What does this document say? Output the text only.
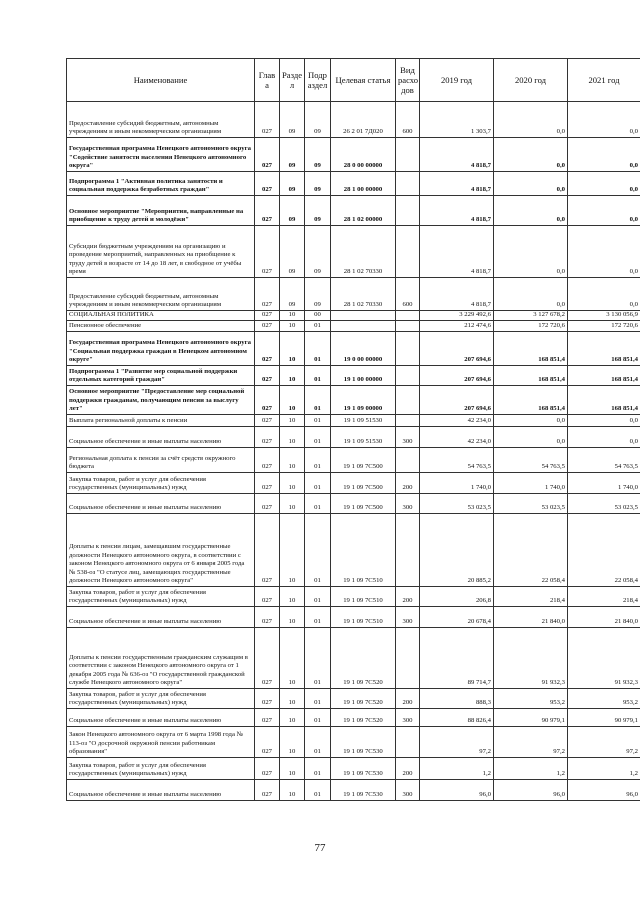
Наименование	Глав а	Разде л	Подр аздел	Целевая статья	Вид расхо дов	2019 год	2020 год	2021 год
Предоставление субсидий бюджетным, автономным учреждениям и иным некоммерческим организациям	027	09	09	26 2 01 7Д020	600	1 303,7	0,0	0,0
Государственная программа Ненецкого автономного округа "Содействие занятости населения Ненецкого автономного округа"	027	09	09	28 0 00 00000		4 818,7	0,0	0,0
Подпрограмма 1 "Активная политика занятости и социальная поддержка безработных граждан"	027	09	09	28 1 00 00000		4 818,7	0,0	0,0
Основное мероприятие "Мероприятия, направленные на приобщение к труду детей и молодёжи"	027	09	09	28 1 02 00000		4 818,7	0,0	0,0
Субсидии бюджетным учреждениям на организацию и проведение мероприятий, направленных на приобщение к труду детей в возрасте от 14 до 18 лет, в свободное от учёбы время	027	09	09	28 1 02 70330		4 818,7	0,0	0,0
Предоставление субсидий бюджетным, автономным учреждениям и иным некоммерческим организациям	027	09	09	28 1 02 70330	600	4 818,7	0,0	0,0
СОЦИАЛЬНАЯ ПОЛИТИКА	027	10	00			3 229 492,6	3 127 678,2	3 130 056,9
Пенсионное обеспечение	027	10	01			212 474,6	172 720,6	172 720,6
Государственная программа Ненецкого автономного округа "Социальная поддержка граждан в Ненецком автономном округе"	027	10	01	19 0 00 00000		207 694,6	168 851,4	168 851,4
Подпрограмма 1 "Развитие мер социальной поддержки отдельных категорий граждан"	027	10	01	19 1 00 00000		207 694,6	168 851,4	168 851,4
Основное мероприятие "Предоставление мер социальной поддержки гражданам, получающим пенсии за выслугу лет"	027	10	01	19 1 09 00000		207 694,6	168 851,4	168 851,4
Выплата региональной доплаты к пенсии	027	10	01	19 1 09 51530		42 234,0	0,0	0,0
Социальное обеспечение и иные выплаты населению	027	10	01	19 1 09 51530	300	42 234,0	0,0	0,0
Региональная доплата к пенсии за счёт средств окружного бюджета	027	10	01	19 1 09 7С500		54 763,5	54 763,5	54 763,5
Закупка товаров, работ и услуг для обеспечения государственных (муниципальных) нужд	027	10	01	19 1 09 7С500	200	1 740,0	1 740,0	1 740,0
Социальное обеспечение и иные выплаты населению	027	10	01	19 1 09 7С500	300	53 023,5	53 023,5	53 023,5
Доплаты к пенсии лицам, замещавшим государственные должности Ненецкого автономного округа, в соответствии с законом Ненецкого автономного округа от 6 января 2005 года № 538-оз "О статусе лиц, замещающих государственные должности Ненецкого автономного округа"	027	10	01	19 1 09 7С510		20 885,2	22 058,4	22 058,4
Закупка товаров, работ и услуг для обеспечения государственных (муниципальных) нужд	027	10	01	19 1 09 7С510	200	206,8	218,4	218,4
Социальное обеспечение и иные выплаты населению	027	10	01	19 1 09 7С510	300	20 678,4	21 840,0	21 840,0
Доплаты к пенсии государственным гражданским служащим в соответствии с законом Ненецкого автономного округа от 1 декабря 2005 года № 636-оз "О государственной гражданской службе Ненецкого автономного округа"	027	10	01	19 1 09 7С520		89 714,7	91 932,3	91 932,3
Закупка товаров, работ и услуг для обеспечения государственных (муниципальных) нужд	027	10	01	19 1 09 7С520	200	888,3	953,2	953,2
Социальное обеспечение и иные выплаты населению	027	10	01	19 1 09 7С520	300	88 826,4	90 979,1	90 979,1
Закон Ненецкого автономного округа от 6 марта 1998 года № 113-оз "О досрочной окружной пенсии работникам образования"	027	10	01	19 1 09 7С530		97,2	97,2	97,2
Закупка товаров, работ и услуг для обеспечения государственных (муниципальных) нужд	027	10	01	19 1 09 7С530	200	1,2	1,2	1,2
Социальное обеспечение и иные выплаты населению	027	10	01	19 1 09 7С530	300	96,0	96,0	96,0
77
